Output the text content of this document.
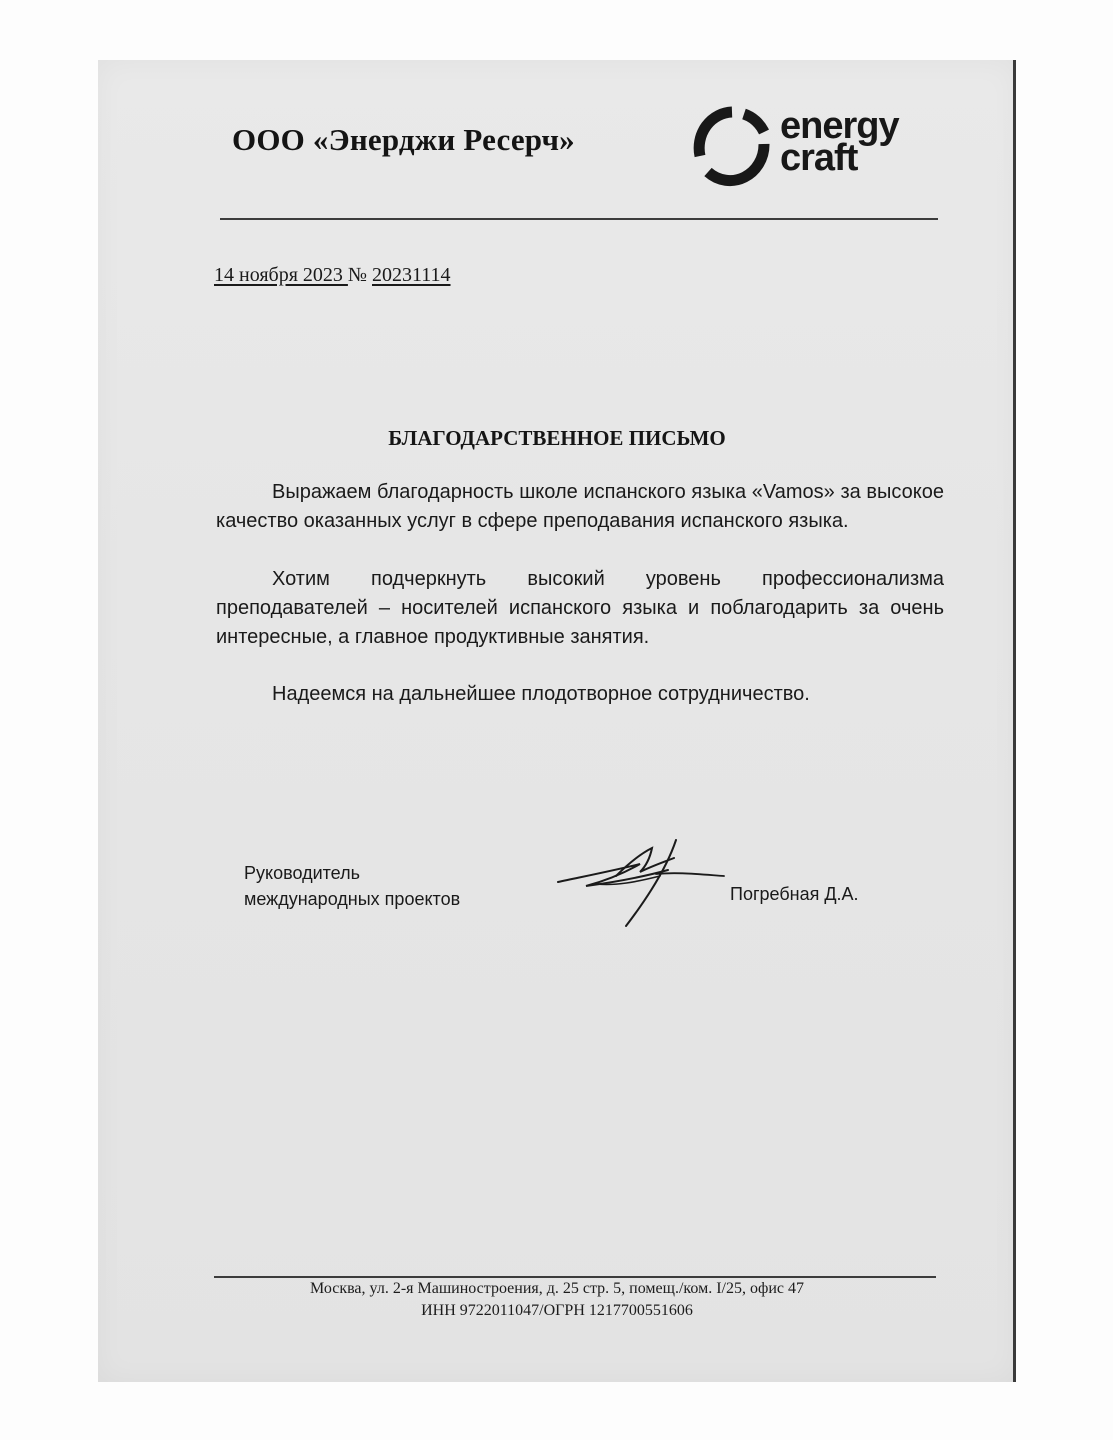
ООО «Энерджи Ресерч»	energy
craft
14 ноября 2023 № 20231114
БЛАГОДАРСТВЕННОЕ ПИСЬМО

Выражаем благодарность школе испанского языка «Vamos» за высокое качество оказанных услуг в сфере преподавания испанского языка.

Хотим подчеркнуть высокий уровень профессионализма преподавателей – носителей испанского языка и поблагодарить за очень интересные, а главное продуктивные занятия.

Надеемся на дальнейшее плодотворное сотрудничество.

Руководитель
международных проектов	Погребная Д.А.
Москва, ул. 2-я Машиностроения, д. 25 стр. 5, помещ./ком. I/25, офис 47
ИНН 9722011047/ОГРН 1217700551606
